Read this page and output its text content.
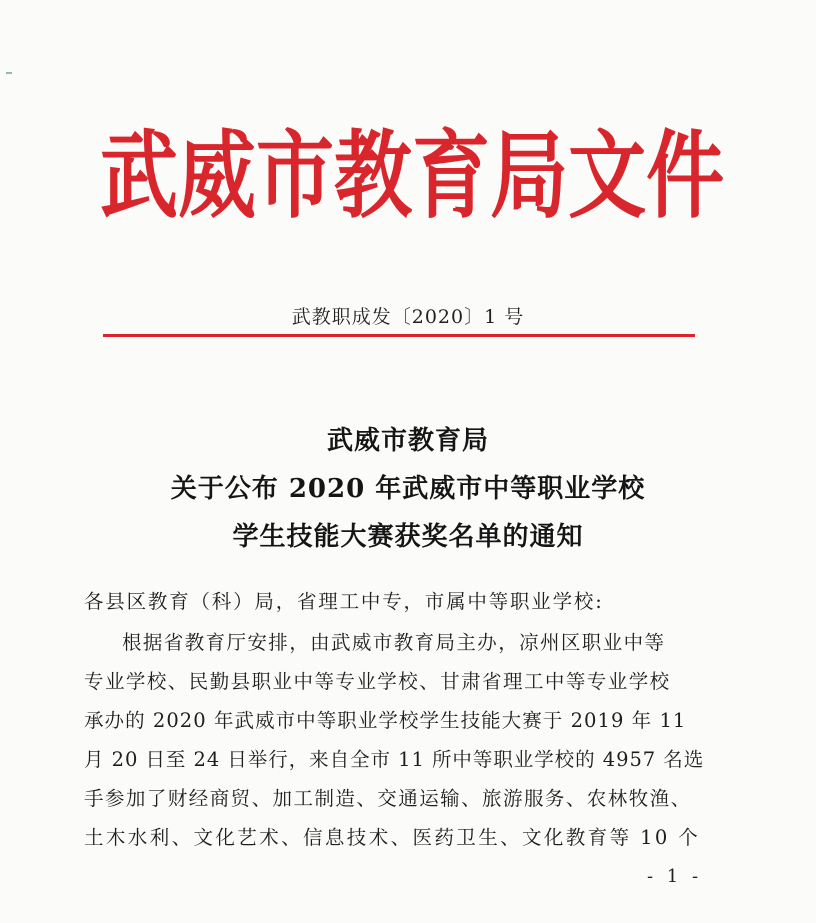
武 威 市 教 育 局 文 件
武教职成发〔2020〕1 号
武威市教育局
关于公布 2020 年武威市中等职业学校
学生技能大赛获奖名单的通知
各县区教育（科）局，省理工中专，市属中等职业学校:
根据省教育厅安排，由武威市教育局主办，凉州区职业中等
专业学校、民勤县职业中等专业学校、甘肃省理工中等专业学校
承办的 2020 年武威市中等职业学校学生技能大赛于 2019 年 11
月 20 日至 24 日举行，来自全市 11 所中等职业学校的 4957 名选
手参加了财经商贸、加工制造、交通运输、旅游服务、农林牧渔、
土木水利、文化艺术、信息技术、医药卫生、文化教育等 10 个
- 1 -
